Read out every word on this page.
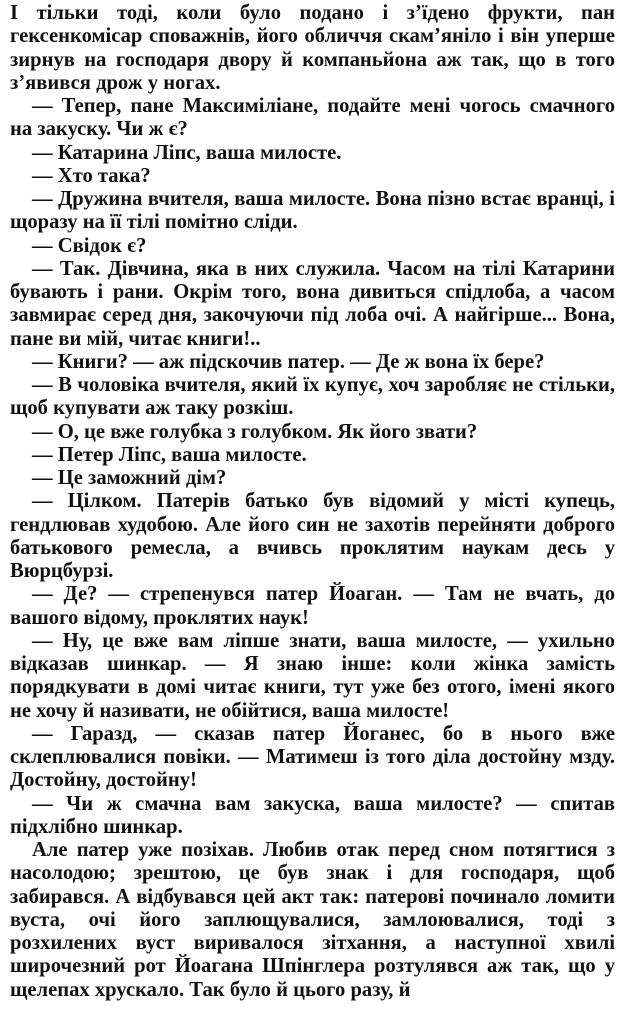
І тільки тоді, коли було подано і з’їдено фрукти, пан гексенкомісар споважнів, його обличчя скам’яніло і він уперше зирнув на господаря двору й компаньйона аж так, що в того з’явився дрож у ногах.

— Тепер, пане Максиміліане, подайте мені чогось смачного на закуску. Чи ж є?

— Катарина Ліпс, ваша милосте.

— Хто така?

— Дружина вчителя, ваша милосте. Вона пізно встає вранці, і щоразу на її тілі помітно сліди.

— Свідок є?

— Так. Дівчина, яка в них служила. Часом на тілі Катарини бувають і рани. Окрім того, вона дивиться спідлоба, а часом завмирає серед дня, закочуючи під лоба очі. А найгірше... Вона, пане ви мій, читає книги!..

— Книги? — аж підскочив патер. — Де ж вона їх бере?

— В чоловіка вчителя, який їх купує, хоч заробляє не стільки, щоб купувати аж таку розкіш.

— О, це вже голубка з голубком. Як його звати?

— Петер Ліпс, ваша милосте.

— Це заможний дім?

— Цілком. Патерів батько був відомий у місті купець, гендлював худобою. Але його син не захотів перейняти доброго батькового ремесла, а вчивсь проклятим наукам десь у Вюрцбурзі.

— Де? — стрепенувся патер Йоаган. — Там не вчать, до вашого відому, проклятих наук!

— Ну, це вже вам ліпше знати, ваша милосте, — ухильно відказав шинкар. — Я знаю інше: коли жінка замість порядкувати в домі читає книги, тут уже без отого, імені якого не хочу й називати, не обійтися, ваша милосте!

— Гаразд, — сказав патер Йоганес, бо в нього вже склеплювалися повіки. — Матимеш із того діла достойну мзду. Достойну, достойну!

— Чи ж смачна вам закуска, ваша милосте? — спитав підхлібно шинкар.

Але патер уже позіхав. Любив отак перед сном потягтися з насолодою; зрештою, це був знак і для господаря, щоб забирався. А відбувався цей акт так: патерові починало ломити вуста, очі його заплющувалися, замлоювалися, тоді з розхилених вуст виривалося зітхання, а наступної хвилі широчезний рот Йоагана Шпінглера розтулявся аж так, що у щелепах хрускало. Так було й цього разу, й
